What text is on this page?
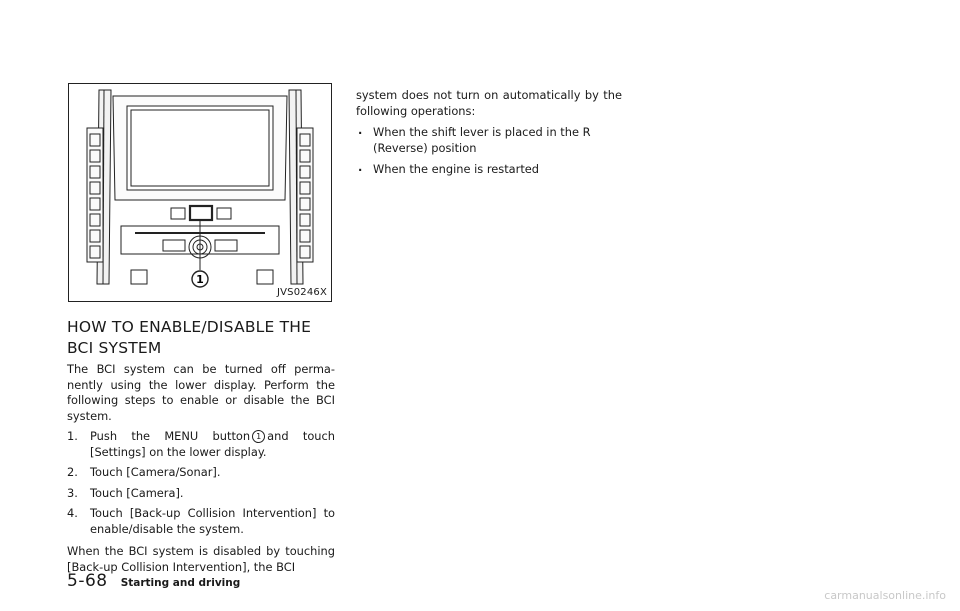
1
JVS0246X
HOW TO ENABLE/DISABLE THE
BCI SYSTEM

The BCI system can be turned off perma-nently using the lower display. Perform the following steps to enable or disable the BCI system.

1. Push the MENU button 1 and touch [Settings] on the lower display.
2. Touch [Camera/Sonar].
3. Touch [Camera].
4. Touch [Back-up Collision Intervention] to enable/disable the system.

When the BCI system is disabled by touching [Back-up Collision Intervention], the BCI

system does not turn on automatically by the following operations:

. When the shift lever is placed in the R (Reverse) position
. When the engine is restarted
5-68 Starting and driving
carmanualsonline.info
